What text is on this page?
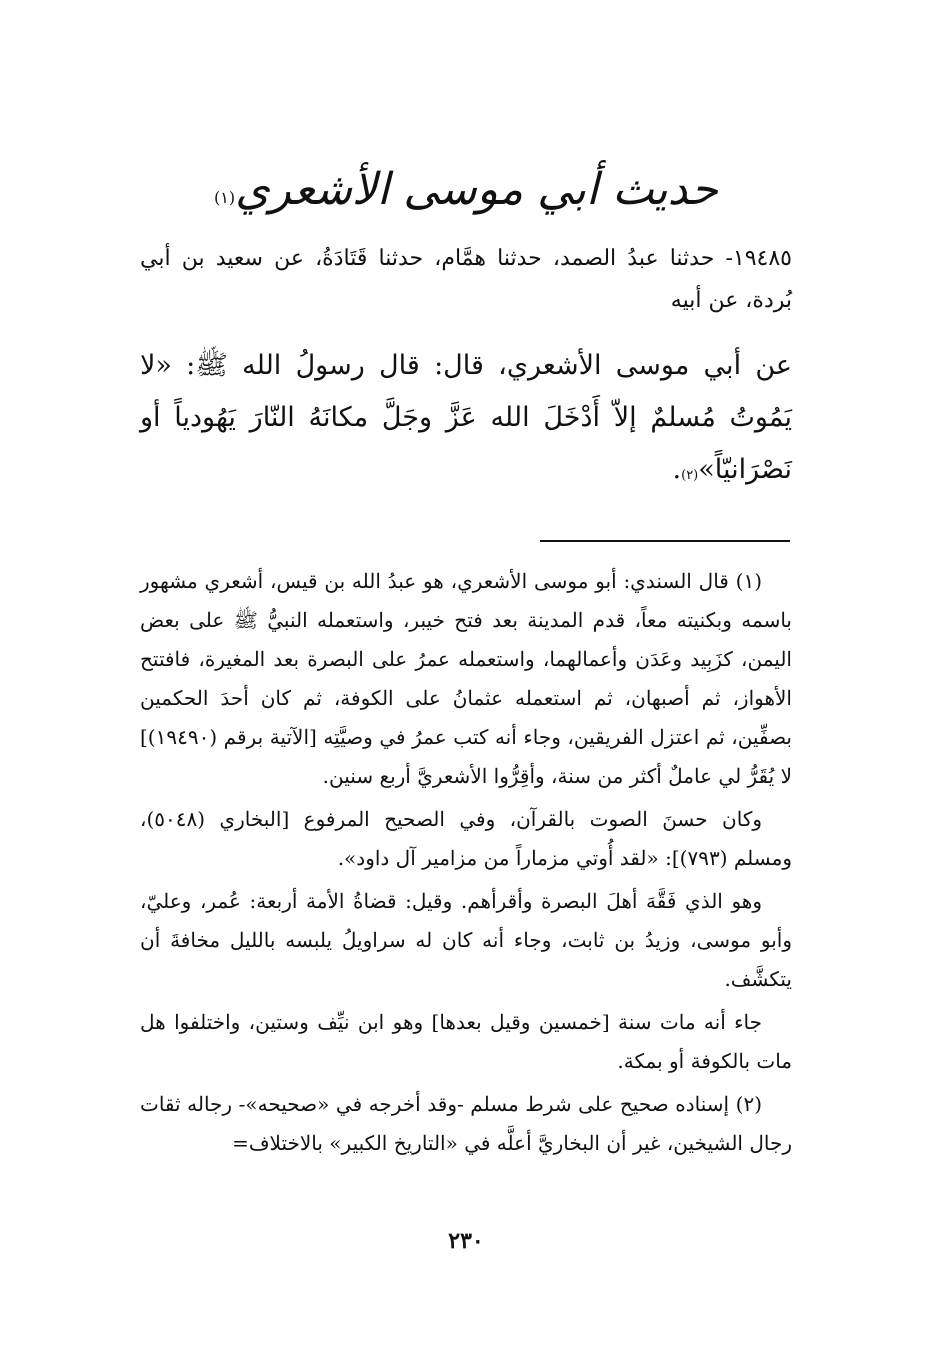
حديث أبي موسى الأشعري$^{(١)}$
١٩٤٨٥- حدثنا عبدُ الصمد، حدثنا همَّام، حدثنا قَتَادَةُ، عن سعيد بن أبي بُردة، عن أبيه
عن أبي موسى الأشعري، قال: قال رسولُ الله ﷺ: «لا يَمُوتُ مُسلمٌ إلاّ أَدْخَلَ الله عَزَّ وجَلَّ مكانَهُ النّارَ يَهُودياً أو نَصْرَانيّاً»$^{(٢)}$.

(١) قال السندي: أبو موسى الأشعري، هو عبدُ الله بن قيس، أشعري مشهور باسمه وبكنيته معاً، قدم المدينة بعد فتح خيبر، واستعمله النبيُّ ﷺ على بعض اليمن، كزَبِيد وعَدَن وأعمالهما، واستعمله عمرُ على البصرة بعد المغيرة، فافتتح الأهواز، ثم أصبهان، ثم استعمله عثمانُ على الكوفة، ثم كان أحدَ الحكمين بصفِّين، ثم اعتزل الفريقين، وجاء أنه كتب عمرُ في وصيَّتِه [الآتية برقم (١٩٤٩٠)] لا يُقَرُّ لي عاملٌ أكثر من سنة، وأقِرُّوا الأشعريَّ أربع سنين.

وكان حسنَ الصوت بالقرآن، وفي الصحيح المرفوع [البخاري (٥٠٤٨)، ومسلم (٧٩٣)]: «لقد أُوتي مزماراً من مزامير آل داود».

وهو الذي فَقَّهَ أهلَ البصرة وأقرأهم. وقيل: قضاةُ الأمة أربعة: عُمر، وعليّ، وأبو موسى، وزيدُ بن ثابت، وجاء أنه كان له سراويلُ يلبسه بالليل مخافةَ أن يتكشَّف.

جاء أنه مات سنة [خمسين وقيل بعدها] وهو ابن نيِّف وستين، واختلفوا هل مات بالكوفة أو بمكة.

(٢) إسناده صحيح على شرط مسلم -وقد أخرجه في «صحيحه»- رجاله ثقات رجال الشيخين، غير أن البخاريَّ أعلَّه في «التاريخ الكبير» بالاختلاف=

٢٣٠
